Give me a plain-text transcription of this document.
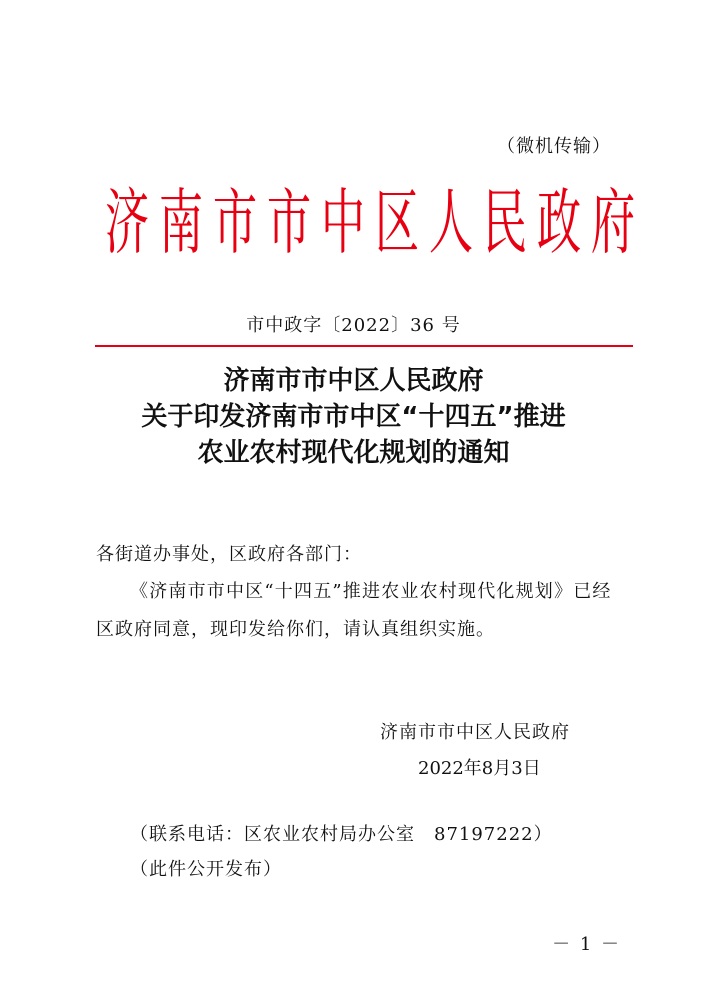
（微机传输）
济 南 市 市 中 区 人 民 政 府
市中政字〔2022〕36 号
济南市市中区人民政府
关于印发济南市市中区“十四五”推进
农业农村现代化规划的通知
各街道办事处，区政府各部门：
《济南市市中区“十四五”推进农业农村现代化规划》已经
区政府同意，现印发给你们，请认真组织实施。
济南市市中区人民政府
2022年8月3日
（联系电话：区农业农村局办公室　87197222）
（此件公开发布）
－ 1 －
